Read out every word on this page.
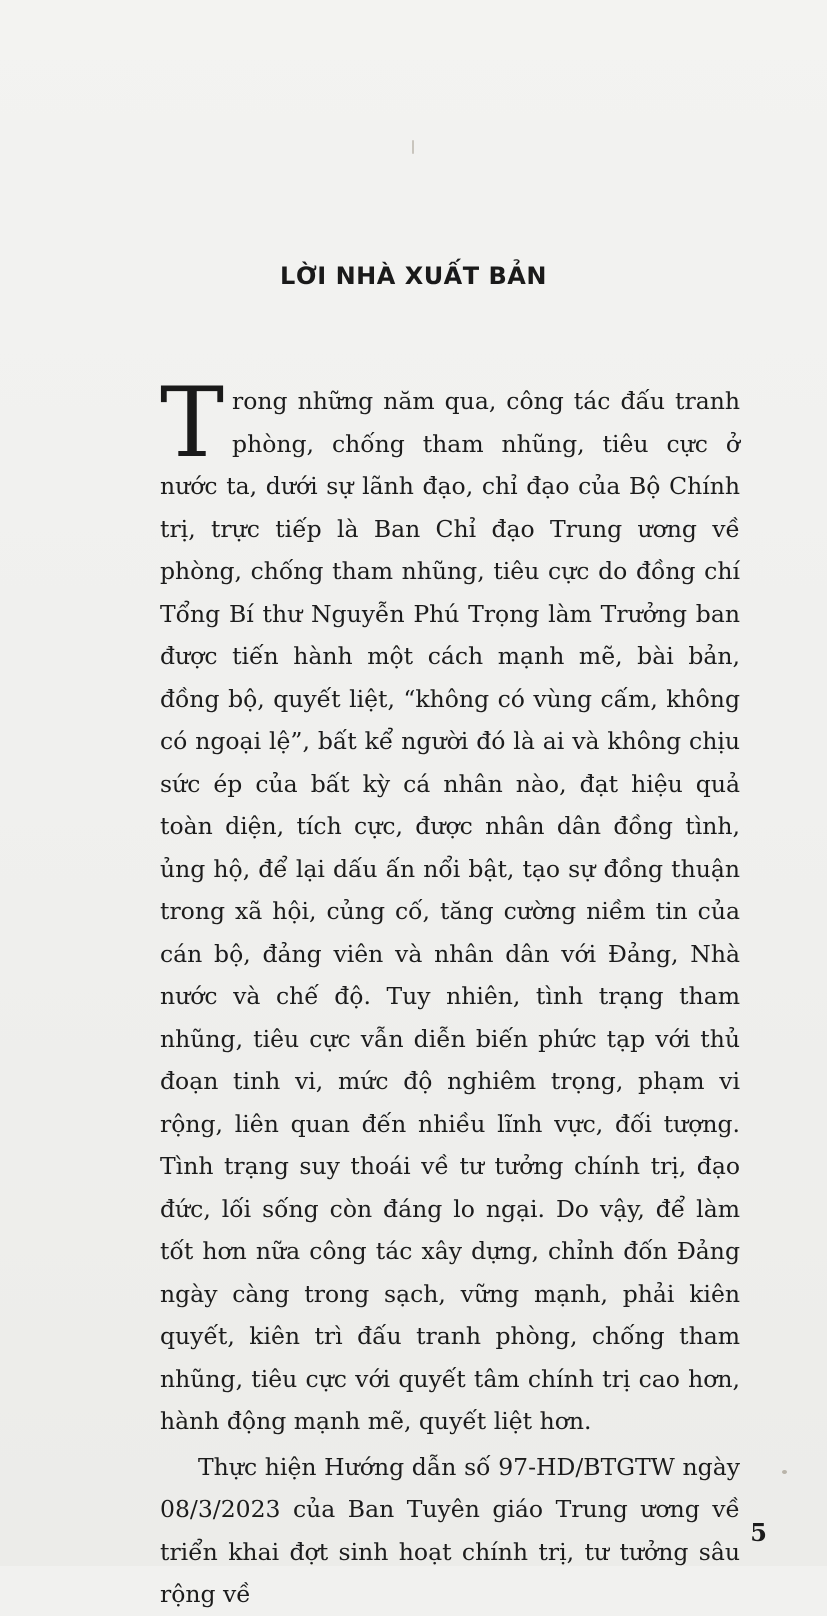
LỜI NHÀ XUẤT BẢN

Trong những năm qua, công tác đấu tranh phòng, chống tham nhũng, tiêu cực ở nước ta, dưới sự lãnh đạo, chỉ đạo của Bộ Chính trị, trực tiếp là Ban Chỉ đạo Trung ương về phòng, chống tham nhũng, tiêu cực do đồng chí Tổng Bí thư Nguyễn Phú Trọng làm Trưởng ban được tiến hành một cách mạnh mẽ, bài bản, đồng bộ, quyết liệt, “không có vùng cấm, không có ngoại lệ”, bất kể người đó là ai và không chịu sức ép của bất kỳ cá nhân nào, đạt hiệu quả toàn diện, tích cực, được nhân dân đồng tình, ủng hộ, để lại dấu ấn nổi bật, tạo sự đồng thuận trong xã hội, củng cố, tăng cường niềm tin của cán bộ, đảng viên và nhân dân với Đảng, Nhà nước và chế độ. Tuy nhiên, tình trạng tham nhũng, tiêu cực vẫn diễn biến phức tạp với thủ đoạn tinh vi, mức độ nghiêm trọng, phạm vi rộng, liên quan đến nhiều lĩnh vực, đối tượng. Tình trạng suy thoái về tư tưởng chính trị, đạo đức, lối sống còn đáng lo ngại. Do vậy, để làm tốt hơn nữa công tác xây dựng, chỉnh đốn Đảng ngày càng trong sạch, vững mạnh, phải kiên quyết, kiên trì đấu tranh phòng, chống tham nhũng, tiêu cực với quyết tâm chính trị cao hơn, hành động mạnh mẽ, quyết liệt hơn.

Thực hiện Hướng dẫn số 97-HD/BTGTW ngày 08/3/2023 của Ban Tuyên giáo Trung ương về triển khai đợt sinh hoạt chính trị, tư tưởng sâu rộng về

5
